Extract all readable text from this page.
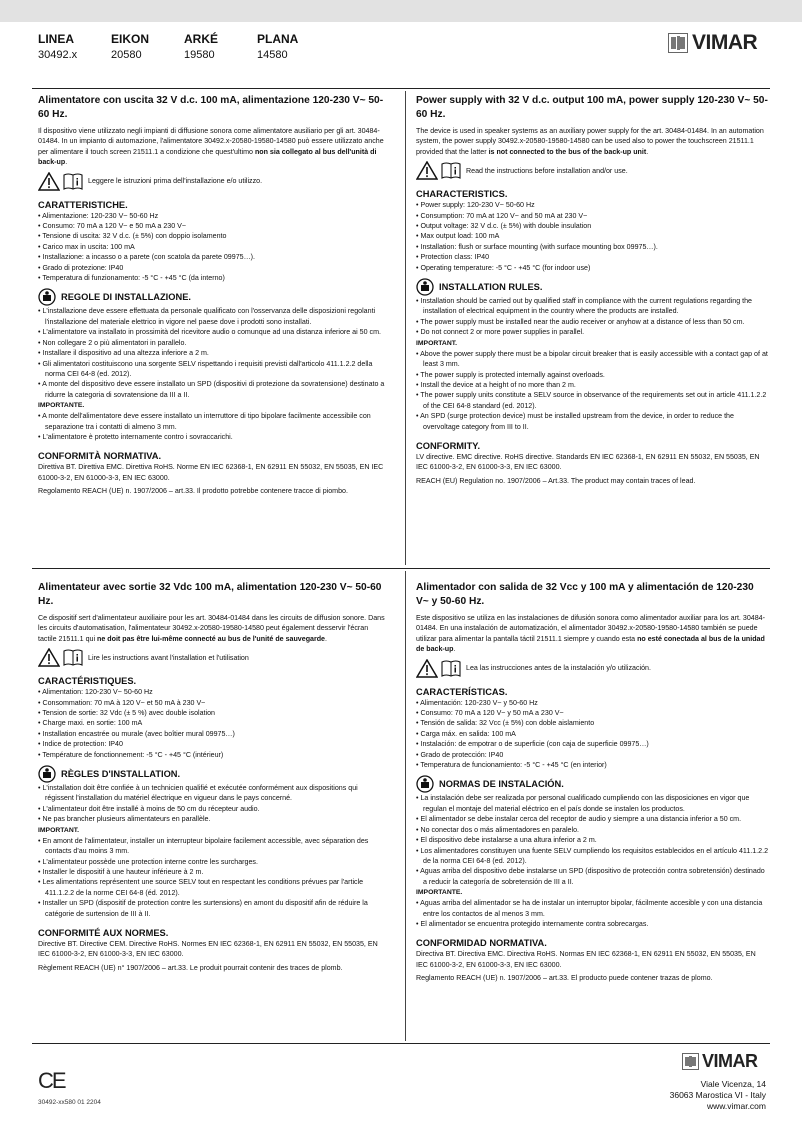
LINEA
30492.x
EIKON
20580
ARKÉ
19580
PLANA
14580
VIMAR
Alimentatore con uscita 32 V d.c. 100 mA, alimentazione 120-230 V~ 50-60 Hz.

Il dispositivo viene utilizzato negli impianti di diffusione sonora come alimentatore ausiliario per gli art. 30484-01484. In un impianto di automazione, l'alimentatore 30492.x-20580-19580-14580 può essere utilizzato anche per alimentare il touch screen 21511.1 a condizione che quest'ultimo non sia collegato al bus dell'unità di back-up.

Leggere le istruzioni prima dell'installazione e/o utilizzo.
CARATTERISTICHE.
• Alimentazione: 120-230 V~ 50-60 Hz
• Consumo: 70 mA a 120 V~ e 50 mA a 230 V~
• Tensione di uscita: 32 V d.c. (± 5%) con doppio isolamento
• Carico max in uscita: 100 mA
• Installazione: a incasso o a parete (con scatola da parete 09975…).
• Grado di protezione: IP40
• Temperatura di funzionamento: -5 °C - +45 °C (da interno)
REGOLE DI INSTALLAZIONE.
• L'installazione deve essere effettuata da personale qualificato con l'osservanza delle disposizioni regolanti l'installazione del materiale elettrico in vigore nel paese dove i prodotti sono installati.
• L'alimentatore va installato in prossimità del ricevitore audio o comunque ad una distanza inferiore ai 50 cm.
• Non collegare 2 o più alimentatori in parallelo.
• Installare il dispositivo ad una altezza inferiore a 2 m.
• Gli alimentatori costituiscono una sorgente SELV rispettando i requisiti previsti dall'articolo 411.1.2.2 della norma CEI 64-8 (ed. 2012).
• A monte del dispositivo deve essere installato un SPD (dispositivi di protezione da sovratensione) destinato a ridurre la categoria di sovratensione da III a II.
IMPORTANTE.
• A monte dell'alimentatore deve essere installato un interruttore di tipo bipolare facilmente accessibile con separazione tra i contatti di almeno 3 mm.
• L'alimentatore è protetto internamente contro i sovraccarichi.
CONFORMITÀ NORMATIVA.

Direttiva BT. Direttiva EMC. Direttiva RoHS. Norme EN IEC 62368-1, EN 62911 EN 55032, EN 55035, EN IEC 61000-3-2, EN 61000-3-3, EN IEC 63000.

Regolamento REACH (UE) n. 1907/2006 – art.33. Il prodotto potrebbe contenere tracce di piombo.

Power supply with 32 V d.c. output 100 mA, power supply 120-230 V~ 50-60 Hz.

The device is used in speaker systems as an auxiliary power supply for the art. 30484-01484. In an automation system, the power supply 30492.x-20580-19580-14580 can be used also to power the touchscreen 21511.1 provided that the latter is not connected to the bus of the back-up unit.

Read the instructions before installation and/or use.
CHARACTERISTICS.
• Power supply: 120-230 V~ 50-60 Hz
• Consumption: 70 mA at 120 V~ and 50 mA at 230 V~
• Output voltage: 32 V d.c. (± 5%) with double insulation
• Max output load: 100 mA
• Installation: flush or surface mounting (with surface mounting box 09975…).
• Protection class: IP40
• Operating temperature: -5 °C - +45 °C (for indoor use)
INSTALLATION RULES.
• Installation should be carried out by qualified staff in compliance with the current regulations regarding the installation of electrical equipment in the country where the products are installed.
• The power supply must be installed near the audio receiver or anyhow at a distance of less than 50 cm.
• Do not connect 2 or more power supplies in parallel.
IMPORTANT.
• Above the power supply there must be a bipolar circuit breaker that is easily accessible with a contact gap of at least 3 mm.
• The power supply is protected internally against overloads.
• Install the device at a height of no more than 2 m.
• The power supply units constitute a SELV source in observance of the requirements set out in article 411.1.2.2 of the CEI 64-8 standard (ed. 2012).
• An SPD (surge protection device) must be installed upstream from the device, in order to reduce the overvoltage category from III to II.
CONFORMITY.

LV directive. EMC directive. RoHS directive. Standards EN IEC 62368-1, EN 62911 EN 55032, EN 55035, EN IEC 61000-3-2, EN 61000-3-3, EN IEC 63000.

REACH (EU) Regulation no. 1907/2006 – Art.33. The product may contain traces of lead.

Alimentateur avec sortie 32 Vdc 100 mA, alimentation 120-230 V~ 50-60 Hz.

Ce dispositif sert d'alimentateur auxiliaire pour les art. 30484-01484 dans les circuits de diffusion sonore. Dans les circuits d'automatisation, l'alimentateur 30492.x-20580-19580-14580 peut également desservir l'écran tactile 21511.1 qui ne doit pas être lui-même connecté au bus de l'unité de sauvegarde.

Lire les instructions avant l'installation et l'utilisation
CARACTÉRISTIQUES.
• Alimentation: 120-230 V~ 50-60 Hz
• Consommation: 70 mA à 120 V~ et 50 mA à 230 V~
• Tension de sortie: 32 Vdc (± 5 %) avec double isolation
• Charge maxi. en sortie: 100 mA
• Installation encastrée ou murale (avec boîtier mural 09975…)
• Indice de protection: IP40
• Température de fonctionnement: -5 °C - +45 °C (intérieur)
RÈGLES D'INSTALLATION.
• L'installation doit être confiée à un technicien qualifié et exécutée conformément aux dispositions qui régissent l'installation du matériel électrique en vigueur dans le pays concerné.
• L'alimentateur doit être installé à moins de 50 cm du récepteur audio.
• Ne pas brancher plusieurs alimentateurs en parallèle.
IMPORTANT.
• En amont de l'alimentateur, installer un interrupteur bipolaire facilement accessible, avec séparation des contacts d'au moins 3 mm.
• L'alimentateur possède une protection interne contre les surcharges.
• Installer le dispositif à une hauteur inférieure à 2 m.
• Les alimentations représentent une source SELV tout en respectant les conditions prévues par l'article 411.1.2.2 de la norme CEI 64-8 (éd. 2012).
• Installer un SPD (dispositif de protection contre les surtensions) en amont du dispositif afin de réduire la catégorie de surtension de III à II.
CONFORMITÉ AUX NORMES.

Directive BT. Directive CEM. Directive RoHS. Normes EN IEC 62368-1, EN 62911 EN 55032, EN 55035, EN IEC 61000-3-2, EN 61000-3-3, EN IEC 63000.

Règlement REACH (UE) n° 1907/2006 – art.33. Le produit pourrait contenir des traces de plomb.

Alimentador con salida de 32 Vcc y 100 mA y alimentación de 120-230 V~ y 50-60 Hz.

Este dispositivo se utiliza en las instalaciones de difusión sonora como alimentador auxiliar para los art. 30484-01484. En una instalación de automatización, el alimentador 30492.x-20580-19580-14580 también se puede utilizar para alimentar la pantalla táctil 21511.1 siempre y cuando esta no esté conectada al bus de la unidad de back-up.

Lea las instrucciones antes de la instalación y/o utilización.
CARACTERÍSTICAS.
• Alimentación: 120-230 V~ y 50-60 Hz
• Consumo: 70 mA a 120 V~ y 50 mA a 230 V~
• Tensión de salida: 32 Vcc (± 5%) con doble aislamiento
• Carga máx. en salida: 100 mA
• Instalación: de empotrar o de superficie (con caja de superficie 09975…)
• Grado de protección: IP40
• Temperatura de funcionamiento: -5 °C - +45 °C (en interior)
NORMAS DE INSTALACIÓN.
• La instalación debe ser realizada por personal cualificado cumpliendo con las disposiciones en vigor que regulan el montaje del material eléctrico en el país donde se instalen los productos.
• El alimentador se debe instalar cerca del receptor de audio y siempre a una distancia inferior a 50 cm.
• No conectar dos o más alimentadores en paralelo.
• El dispositivo debe instalarse a una altura inferior a 2 m.
• Los alimentadores constituyen una fuente SELV cumpliendo los requisitos establecidos en el artículo 411.1.2.2 de la norma CEI 64-8 (ed. 2012).
• Aguas arriba del dispositivo debe instalarse un SPD (dispositivo de protección contra sobretensión) destinado a reducir la categoría de sobretensión de III a II.
IMPORTANTE.
• Aguas arriba del alimentador se ha de instalar un interruptor bipolar, fácilmente accesible y con una distancia entre los contactos de al menos 3 mm.
• El alimentador se encuentra protegido internamente contra sobrecargas.
CONFORMIDAD NORMATIVA.

Directiva BT. Directiva EMC. Directiva RoHS. Normas EN IEC 62368-1, EN 62911 EN 55032, EN 55035, EN IEC 61000-3-2, EN 61000-3-3, EN IEC 63000.

Reglamento REACH (UE) n. 1907/2006 – art.33. El producto puede contener trazas de plomo.

CE
30492-xx580 01 2204
VIMAR
Viale Vicenza, 14
36063 Marostica VI - Italy
www.vimar.com
